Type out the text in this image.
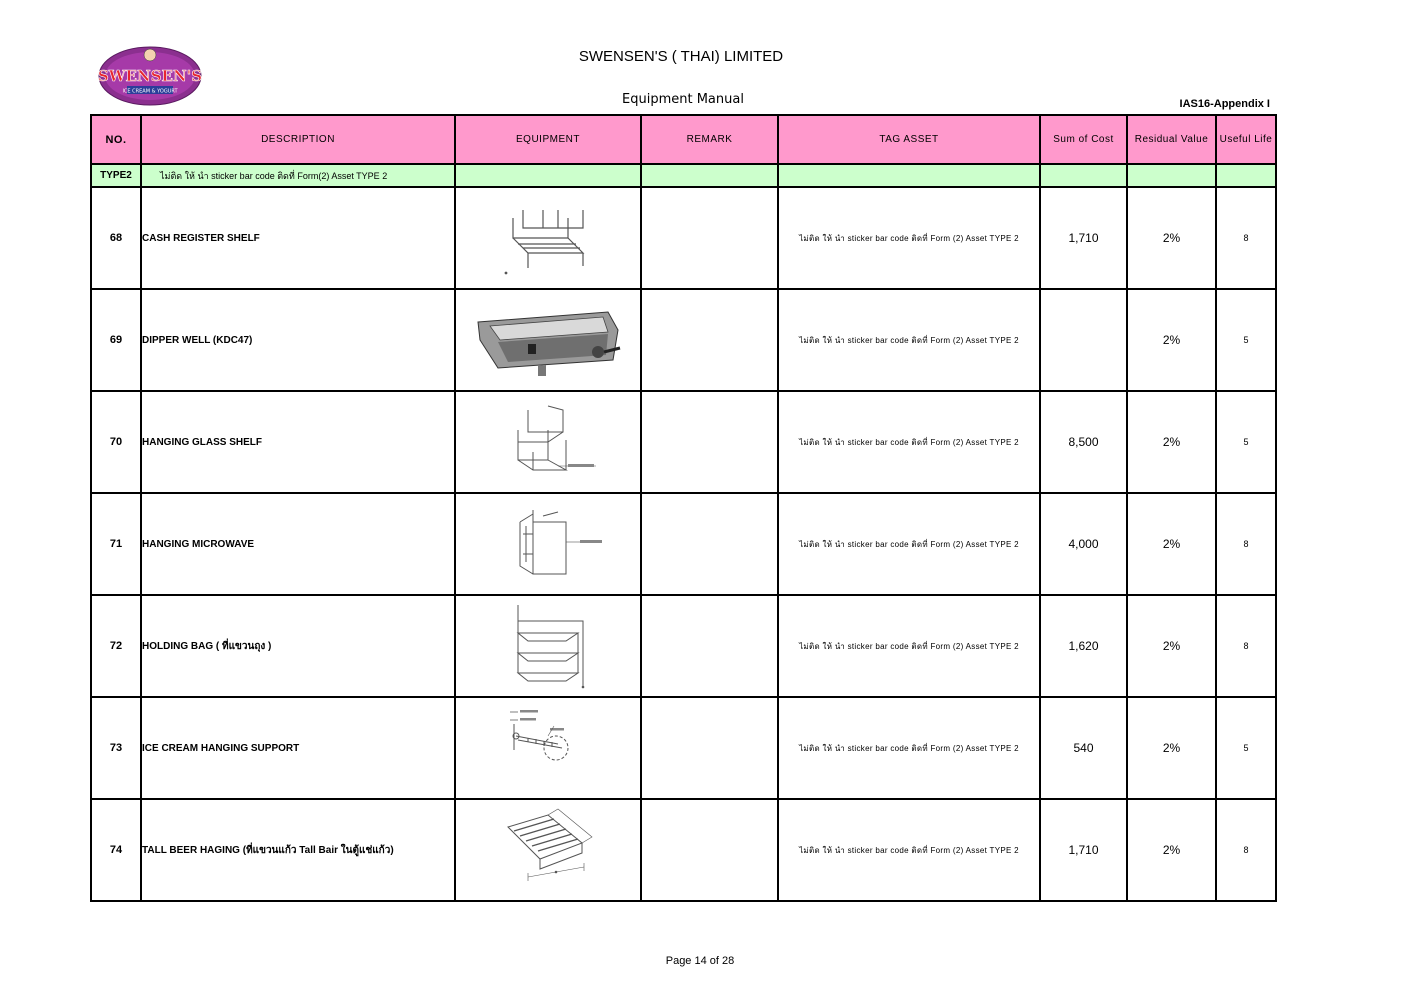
SWENSEN'S
ICE CREAM & YOGURT
SWENSEN'S ( THAI) LIMITED
Equipment Manual	IAS16-Appendix I
NO.	DESCRIPTION	EQUIPMENT	REMARK	TAG ASSET	Sum of Cost	Residual Value	Useful Life
TYPE2	ไม่ติด ให้ นำ sticker bar code ติดที่ Form(2) Asset TYPE 2						
68	CASH REGISTER SHELF			ไม่ติด ให้ นำ sticker bar code ติดที่ Form (2) Asset TYPE 2	1,710	2%	8
69	DIPPER WELL (KDC47)			ไม่ติด ให้ นำ sticker bar code ติดที่ Form (2) Asset TYPE 2		2%	5
70	HANGING GLASS SHELF			ไม่ติด ให้ นำ sticker bar code ติดที่ Form (2) Asset TYPE 2	8,500	2%	5
71	HANGING MICROWAVE			ไม่ติด ให้ นำ sticker bar code ติดที่ Form (2) Asset TYPE 2	4,000	2%	8
72	HOLDING BAG ( ที่แขวนถุง )			ไม่ติด ให้ นำ sticker bar code ติดที่ Form (2) Asset TYPE 2	1,620	2%	8
73	ICE CREAM HANGING SUPPORT			ไม่ติด ให้ นำ sticker bar code ติดที่ Form (2) Asset TYPE 2	540	2%	5
74	TALL BEER HAGING (ที่แขวนแก้ว Tall Bair ในตู้แช่แก้ว)			ไม่ติด ให้ นำ sticker bar code ติดที่ Form (2) Asset TYPE 2	1,710	2%	8
Page 14 of 28
